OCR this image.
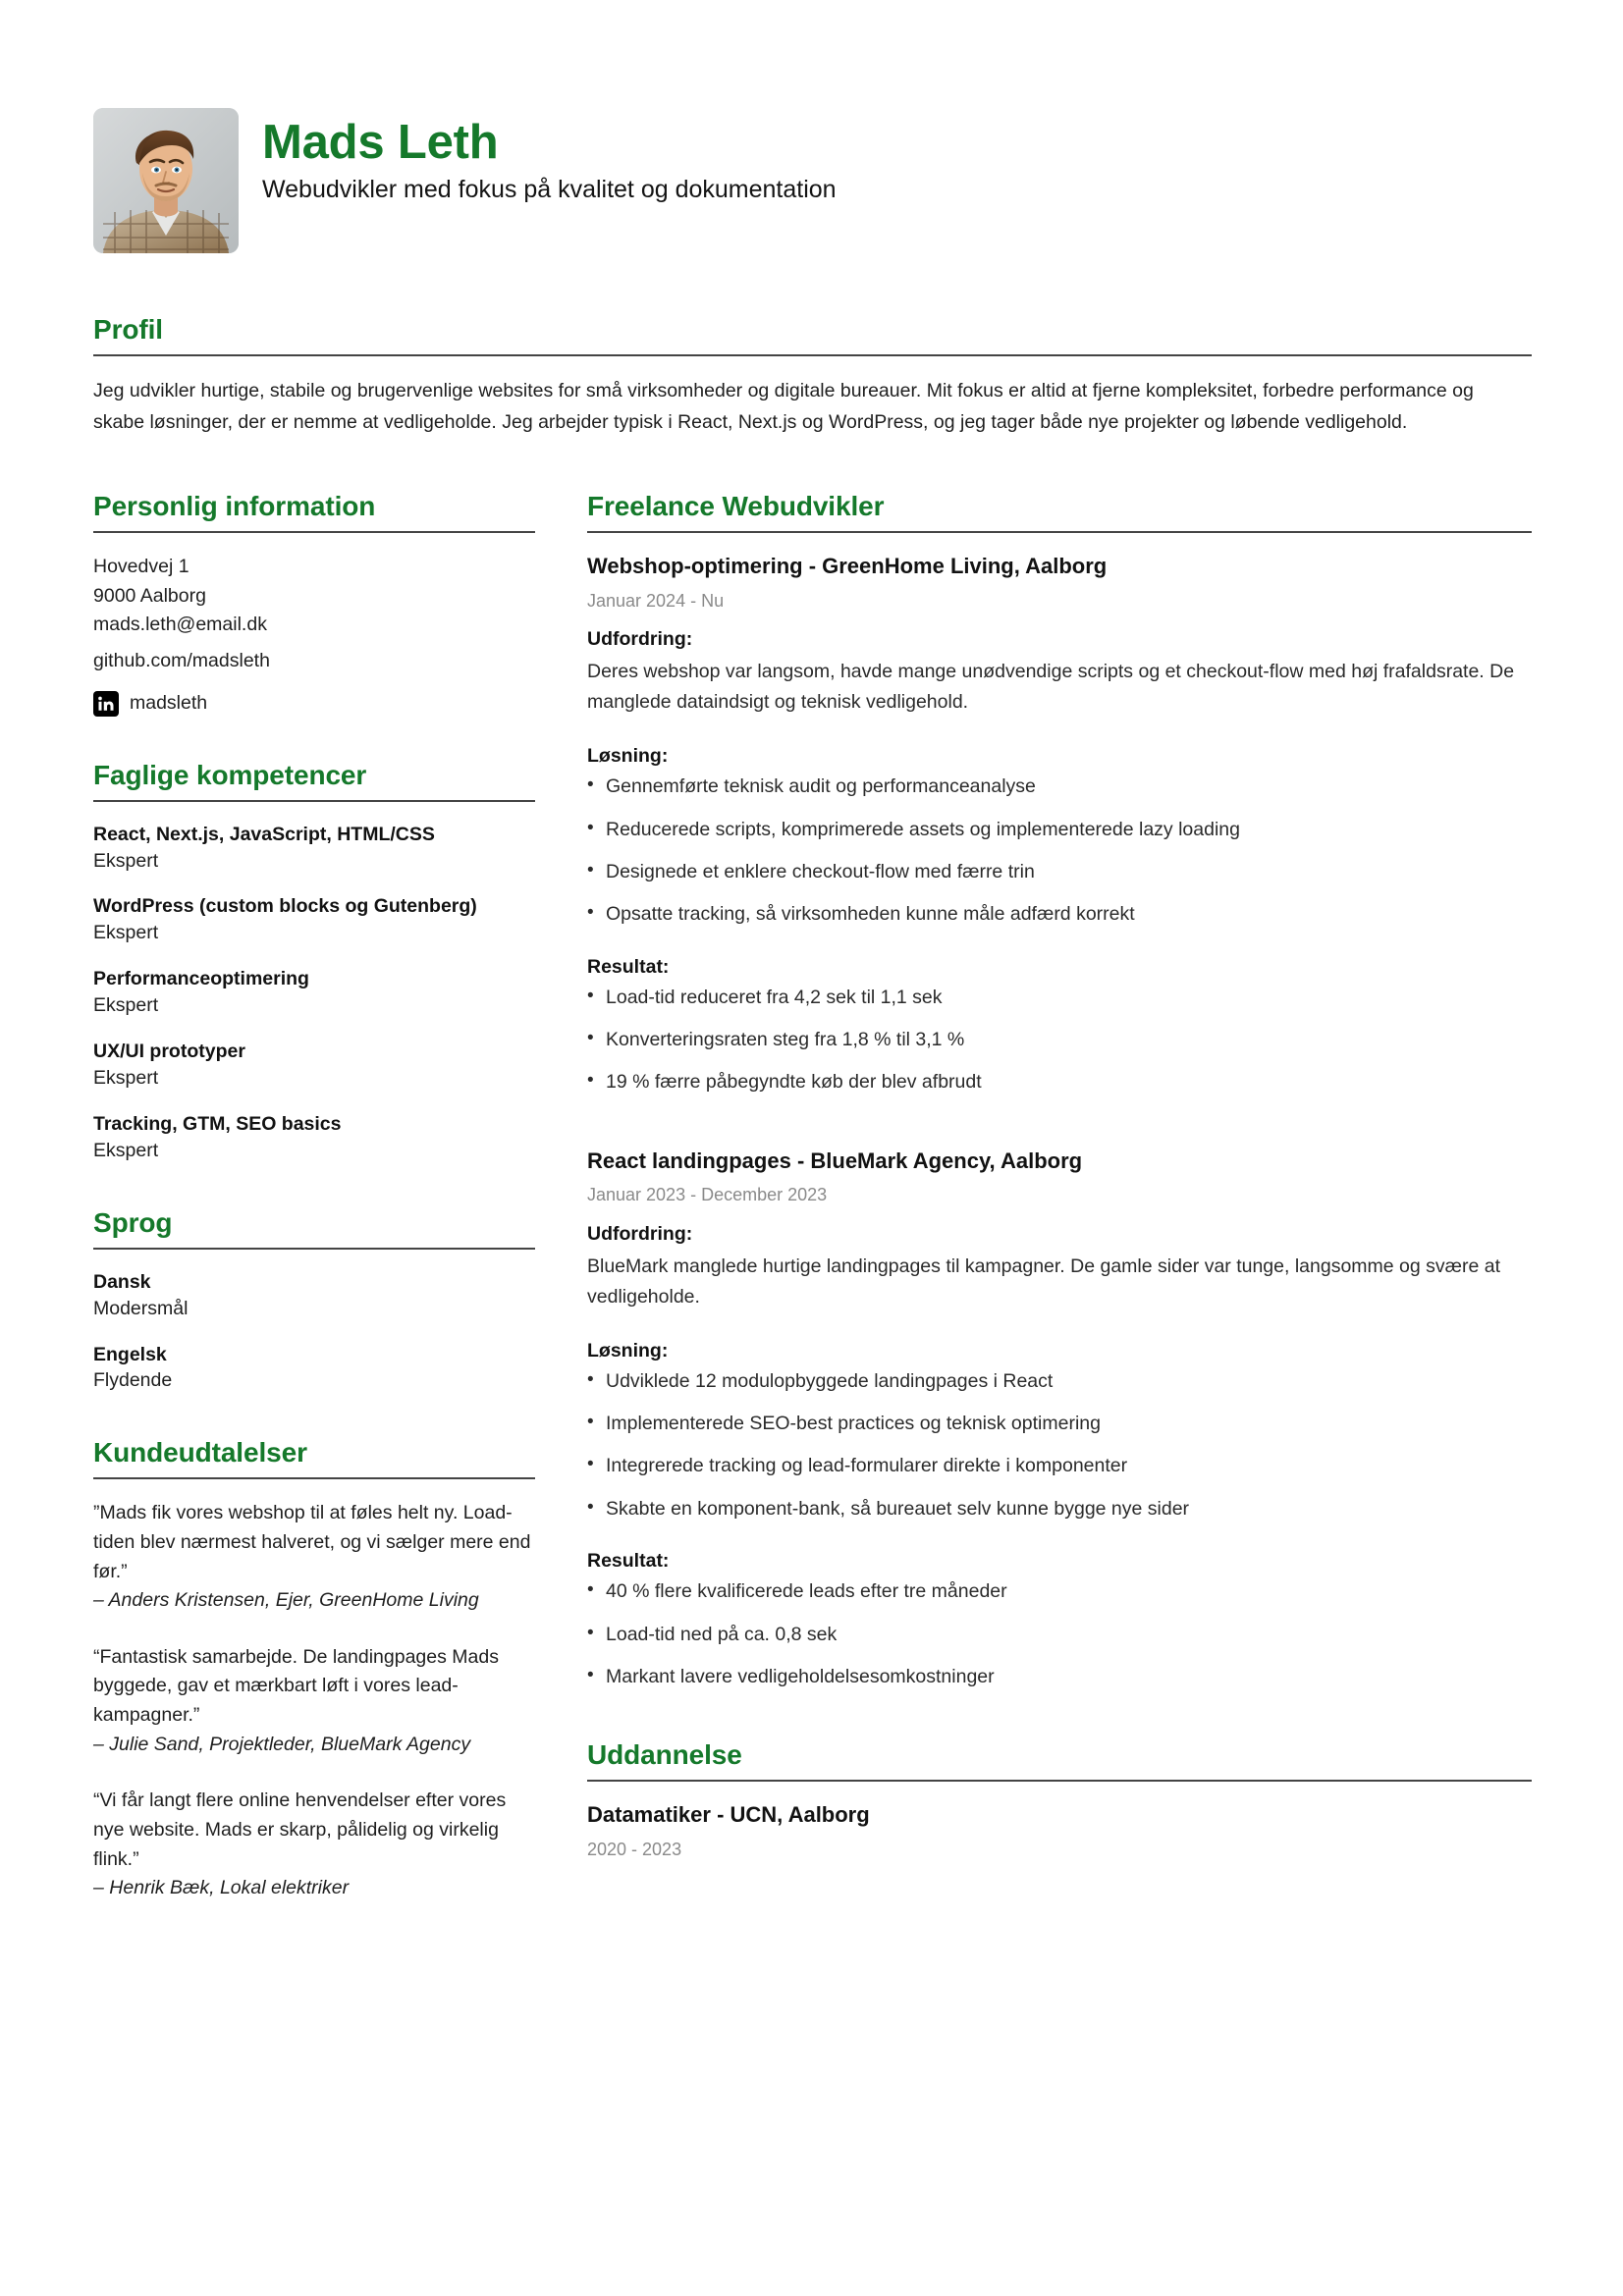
Mads Leth

Webudvikler med fokus på kvalitet og dokumentation

Profil

Jeg udvikler hurtige, stabile og brugervenlige websites for små virksomheder og digitale bureauer. Mit fokus er altid at fjerne kompleksitet, forbedre performance og skabe løsninger, der er nemme at vedligeholde. Jeg arbejder typisk i React, Next.js og WordPress, og jeg tager både nye projekter og løbende vedligehold.

Personlig information
Hovedvej 1
9000 Aalborg
mads.leth@email.dk
github.com/madsleth
madsleth
Faglige kompetencer
React, Next.js, JavaScript, HTML/CSS
Ekspert
WordPress (custom blocks og Gutenberg)
Ekspert
Performanceoptimering
Ekspert
UX/UI prototyper
Ekspert
Tracking, GTM, SEO basics
Ekspert
Sprog
Dansk
Modersmål
Engelsk
Flydende
Kundeudtalelser
”Mads fik vores webshop til at føles helt ny. Load-tiden blev nærmest halveret, og vi sælger mere end før.”
– Anders Kristensen, Ejer, GreenHome Living
“Fantastisk samarbejde. De landingpages Mads byggede, gav et mærkbart løft i vores lead-kampagner.”
– Julie Sand, Projektleder, BlueMark Agency
“Vi får langt flere online henvendelser efter vores nye website. Mads er skarp, pålidelig og virkelig flink.”
– Henrik Bæk, Lokal elektriker
Freelance Webudvikler
Webshop-optimering - GreenHome Living, Aalborg

Januar 2024 - Nu

Udfordring:

Deres webshop var langsom, havde mange unødvendige scripts og et checkout-flow med høj frafaldsrate. De manglede dataindsigt og teknisk vedligehold.

Løsning:

• Gennemførte teknisk audit og performanceanalyse
• Reducerede scripts, komprimerede assets og implementerede lazy loading
• Designede et enklere checkout-flow med færre trin
• Opsatte tracking, så virksomheden kunne måle adfærd korrekt

Resultat:

• Load-tid reduceret fra 4,2 sek til 1,1 sek
• Konverteringsraten steg fra 1,8 % til 3,1 %
• 19 % færre påbegyndte køb der blev afbrudt
React landingpages - BlueMark Agency, Aalborg

Januar 2023 - December 2023

Udfordring:

BlueMark manglede hurtige landingpages til kampagner. De gamle sider var tunge, langsomme og svære at vedligeholde.

Løsning:

• Udviklede 12 modulopbyggede landingpages i React
• Implementerede SEO-best practices og teknisk optimering
• Integrerede tracking og lead-formularer direkte i komponenter
• Skabte en komponent-bank, så bureauet selv kunne bygge nye sider

Resultat:

• 40 % flere kvalificerede leads efter tre måneder
• Load-tid ned på ca. 0,8 sek
• Markant lavere vedligeholdelsesomkostninger
Uddannelse
Datamatiker - UCN, Aalborg

2020 - 2023
